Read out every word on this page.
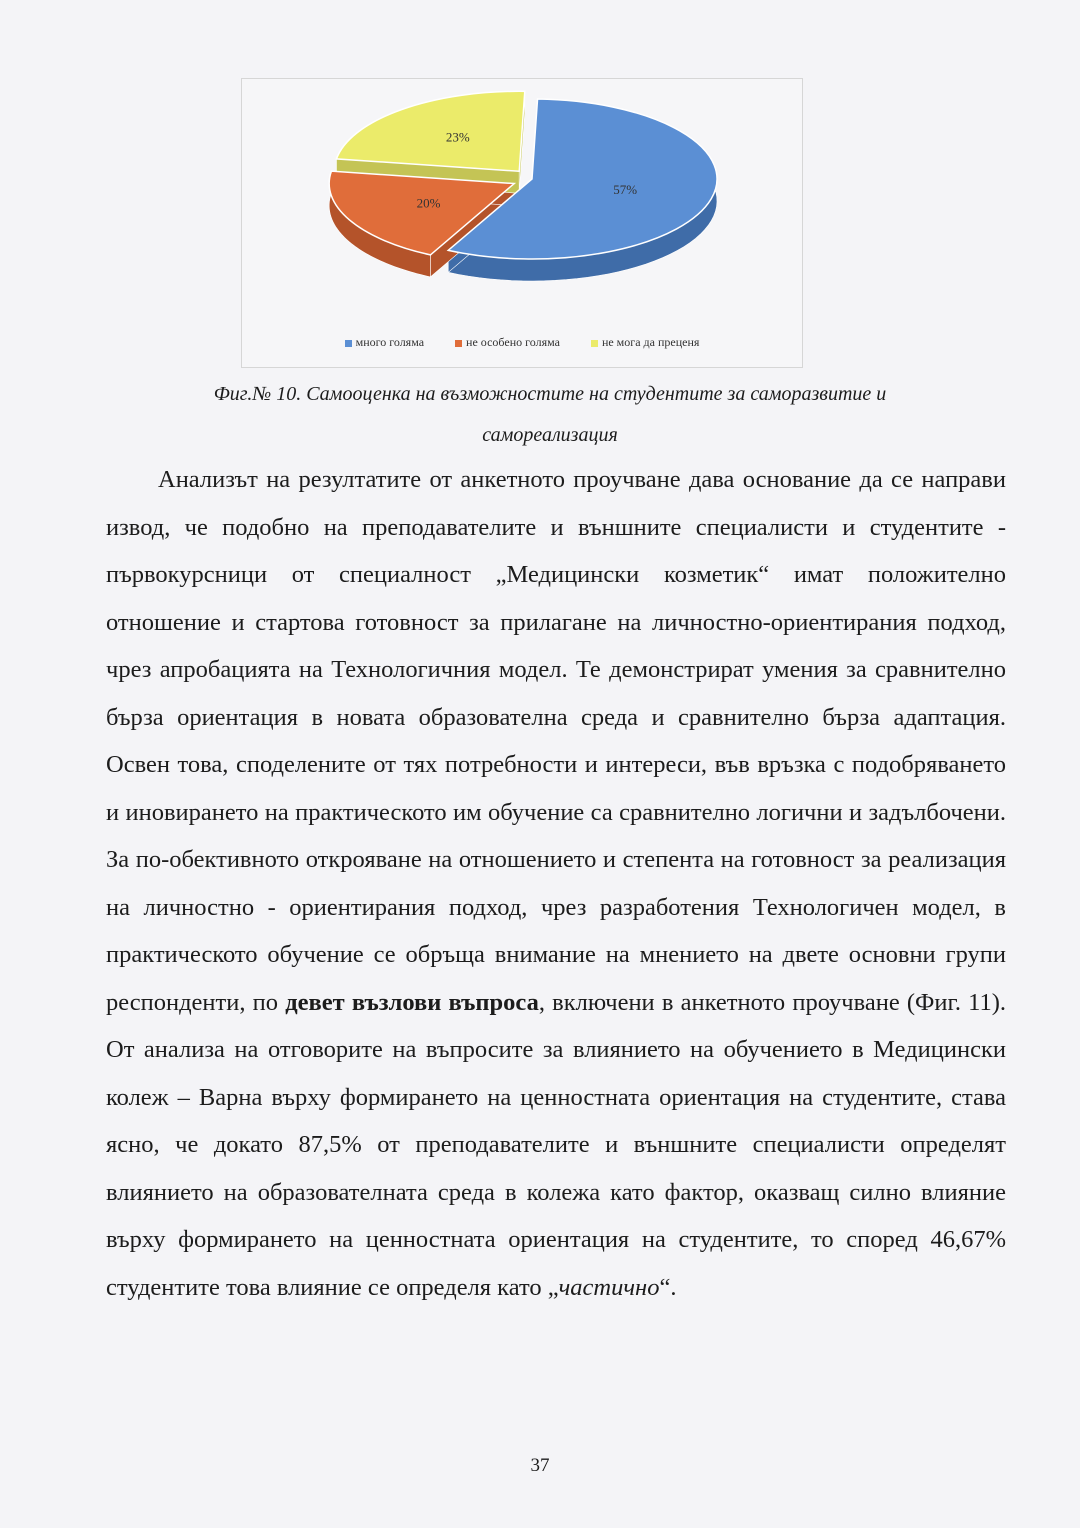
57%
20%
23%
много голяма	не особено голяма	не мога да преценя
Фиг.№ 10. Самооценка на възможностите на студентите за саморазвитие и
самореализация

Анализът на резултатите от анкетното проучване дава основание да се направи извод, че подобно на преподавателите и външните специалисти и студентите - първокурсници от специалност „Медицински козметик“ имат положително отношение и стартова готовност за прилагане на личностно-ориентирания подход, чрез апробацията на Технологичния модел. Те демонстрират умения за сравнително бърза ориентация в новата образователна среда и сравнително бърза адаптация. Освен това, споделените от тях потребности и интереси, във връзка с подобряването и иновирането на практическото им обучение са сравнително логични и задълбочени. За по-обективното открояване на отношението и степента на готовност за реализация на личностно - ориентирания подход, чрез разработения Технологичен модел, в практическото обучение се обръща внимание на мнението на двете основни групи респонденти, по девет възлови въпроса, включени в анкетното проучване (Фиг. 11). От анализа на отговорите на въпросите за влиянието на обучението в Медицински колеж – Варна върху формирането на ценностната ориентация на студентите, става ясно, че докато 87,5% от преподавателите и външните специалисти определят влиянието на образователната среда в колежа като фактор, оказващ силно влияние върху формирането на ценностната ориентация на студентите, то според 46,67% студентите това влияние се определя като „частично“.

37
